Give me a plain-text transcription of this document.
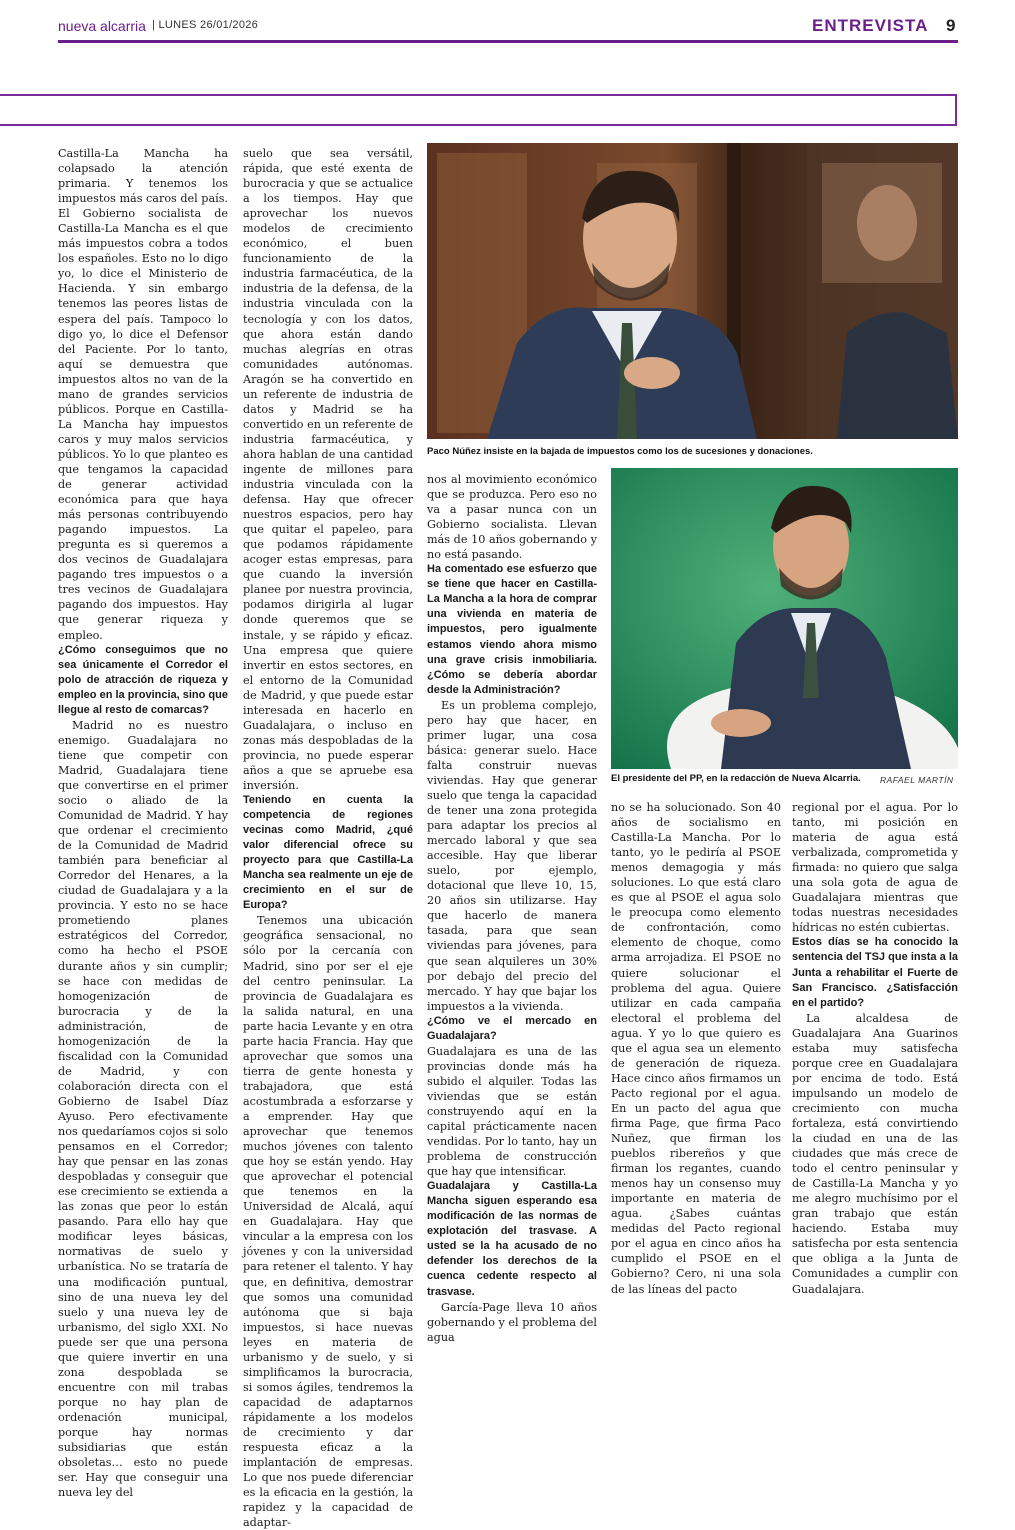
nueva alcarria | LUNES 26/01/2026	ENTREVISTA 9
Paco Núñez insiste en la bajada de impuestos como los de sucesiones y donaciones.
El presidente del PP, en la redacción de Nueva Alcarria.	RAFAEL MARTÍN

Castilla-La Mancha ha colapsado la atención primaria. Y tenemos los impuestos más caros del país. El Gobierno socialista de Castilla-La Mancha es el que más impuestos cobra a todos los españoles. Esto no lo digo yo, lo dice el Ministerio de Hacienda. Y sin embargo tenemos las peores listas de espera del país. Tampoco lo digo yo, lo dice el Defensor del Paciente. Por lo tanto, aquí se demuestra que impuestos altos no van de la mano de grandes servicios públicos. Porque en Castilla-La Mancha hay impuestos caros y muy malos servicios públicos. Yo lo que planteo es que tengamos la capacidad de generar actividad económica para que haya más personas contribuyendo pagando impuestos. La pregunta es si queremos a dos vecinos de Guadalajara pagando tres impuestos o a tres vecinos de Guadalajara pagando dos impuestos. Hay que generar riqueza y empleo.

¿Cómo conseguimos que no sea únicamente el Corredor el polo de atracción de riqueza y empleo en la provincia, sino que llegue al resto de comarcas?

Madrid no es nuestro enemigo. Guadalajara no tiene que competir con Madrid, Guadalajara tiene que convertirse en el primer socio o aliado de la Comunidad de Madrid. Y hay que ordenar el crecimiento de la Comunidad de Madrid también para beneficiar al Corredor del Henares, a la ciudad de Guadalajara y a la provincia. Y esto no se hace prometiendo planes estratégicos del Corredor, como ha hecho el PSOE durante años y sin cumplir; se hace con medidas de homogenización de burocracia y de la administración, de homogenización de la fiscalidad con la Comunidad de Madrid, y con colaboración directa con el Gobierno de Isabel Díaz Ayuso. Pero efectivamente nos quedaríamos cojos si solo pensamos en el Corredor; hay que pensar en las zonas despobladas y conseguir que ese crecimiento se extienda a las zonas que peor lo están pasando. Para ello hay que modificar leyes básicas, normativas de suelo y urbanística. No se trataría de una modificación puntual, sino de una nueva ley del suelo y una nueva ley de urbanismo, del siglo XXI. No puede ser que una persona que quiere invertir en una zona despoblada se encuentre con mil trabas porque no hay plan de ordenación municipal, porque hay normas subsidiarias que están obsoletas… esto no puede ser. Hay que conseguir una nueva ley del

suelo que sea versátil, rápida, que esté exenta de burocracia y que se actualice a los tiempos. Hay que aprovechar los nuevos modelos de crecimiento económico, el buen funcionamiento de la industria farmacéutica, de la industria de la defensa, de la industria vinculada con la tecnología y con los datos, que ahora están dando muchas alegrías en otras comunidades autónomas. Aragón se ha convertido en un referente de industria de datos y Madrid se ha convertido en un referente de industria farmacéutica, y ahora hablan de una cantidad ingente de millones para industria vinculada con la defensa. Hay que ofrecer nuestros espacios, pero hay que quitar el papeleo, para que podamos rápidamente acoger estas empresas, para que cuando la inversión planee por nuestra provincia, podamos dirigirla al lugar donde queremos que se instale, y se rápido y eficaz. Una empresa que quiere invertir en estos sectores, en el entorno de la Comunidad de Madrid, y que puede estar interesada en hacerlo en Guadalajara, o incluso en zonas más despobladas de la provincia, no puede esperar años a que se apruebe esa inversión.

Teniendo en cuenta la competencia de regiones vecinas como Madrid, ¿qué valor diferencial ofrece su proyecto para que Castilla-La Mancha sea realmente un eje de crecimiento en el sur de Europa?

Tenemos una ubicación geográfica sensacional, no sólo por la cercanía con Madrid, sino por ser el eje del centro peninsular. La provincia de Guadalajara es la salida natural, en una parte hacia Levante y en otra parte hacia Francia. Hay que aprovechar que somos una tierra de gente honesta y trabajadora, que está acostumbrada a esforzarse y a emprender. Hay que aprovechar que tenemos muchos jóvenes con talento que hoy se están yendo. Hay que aprovechar el potencial que tenemos en la Universidad de Alcalá, aquí en Guadalajara. Hay que vincular a la empresa con los jóvenes y con la universidad para retener el talento. Y hay que, en definitiva, demostrar que somos una comunidad autónoma que si baja impuestos, si hace nuevas leyes en materia de urbanismo y de suelo, y si simplificamos la burocracia, si somos ágiles, tendremos la capacidad de adaptarnos rápidamente a los modelos de crecimiento y dar respuesta eficaz a la implantación de empresas. Lo que nos puede diferenciar es la eficacia en la gestión, la rapidez y la capacidad de adaptar-

nos al movimiento económico que se produzca. Pero eso no va a pasar nunca con un Gobierno socialista. Llevan más de 10 años gobernando y no está pasando.

Ha comentado ese esfuerzo que se tiene que hacer en Castilla-La Mancha a la hora de comprar una vivienda en materia de impuestos, pero igualmente estamos viendo ahora mismo una grave crisis inmobiliaria. ¿Cómo se debería abordar desde la Administración?

Es un problema complejo, pero hay que hacer, en primer lugar, una cosa básica: generar suelo. Hace falta construir nuevas viviendas. Hay que generar suelo que tenga la capacidad de tener una zona protegida para adaptar los precios al mercado laboral y que sea accesible. Hay que liberar suelo, por ejemplo, dotacional que lleve 10, 15, 20 años sin utilizarse. Hay que hacerlo de manera tasada, para que sean viviendas para jóvenes, para que sean alquileres un 30% por debajo del precio del mercado. Y hay que bajar los impuestos a la vivienda.

¿Cómo ve el mercado en Guadalajara?

Guadalajara es una de las provincias donde más ha subido el alquiler. Todas las viviendas que se están construyendo aquí en la capital prácticamente nacen vendidas. Por lo tanto, hay un problema de construcción que hay que intensificar.

Guadalajara y Castilla-La Mancha siguen esperando esa modificación de las normas de explotación del trasvase. A usted se la ha acusado de no defender los derechos de la cuenca cedente respecto al trasvase.

García-Page lleva 10 años gobernando y el problema del agua

no se ha solucionado. Son 40 años de socialismo en Castilla-La Mancha. Por lo tanto, yo le pediría al PSOE menos demagogia y más soluciones. Lo que está claro es que al PSOE el agua solo le preocupa como elemento de confrontación, como elemento de choque, como arma arrojadiza. El PSOE no quiere solucionar el problema del agua. Quiere utilizar en cada campaña electoral el problema del agua. Y yo lo que quiero es que el agua sea un elemento de generación de riqueza. Hace cinco años firmamos un Pacto regional por el agua. En un pacto del agua que firma Page, que firma Paco Nuñez, que firman los pueblos ribereños y que firman los regantes, cuando menos hay un consenso muy importante en materia de agua. ¿Sabes cuántas medidas del Pacto regional por el agua en cinco años ha cumplido el PSOE en el Gobierno? Cero, ni una sola de las líneas del pacto

regional por el agua. Por lo tanto, mi posición en materia de agua está verbalizada, comprometida y firmada: no quiero que salga una sola gota de agua de Guadalajara mientras que todas nuestras necesidades hídricas no estén cubiertas.

Estos días se ha conocido la sentencia del TSJ que insta a la Junta a rehabilitar el Fuerte de San Francisco. ¿Satisfacción en el partido?

La alcaldesa de Guadalajara Ana Guarinos estaba muy satisfecha porque cree en Guadalajara por encima de todo. Está impulsando un modelo de crecimiento con mucha fortaleza, está convirtiendo la ciudad en una de las ciudades que más crece de todo el centro peninsular y de Castilla-La Mancha y yo me alegro muchísimo por el gran trabajo que están haciendo. Estaba muy satisfecha por esta sentencia que obliga a la Junta de Comunidades a cumplir con Guadalajara.
